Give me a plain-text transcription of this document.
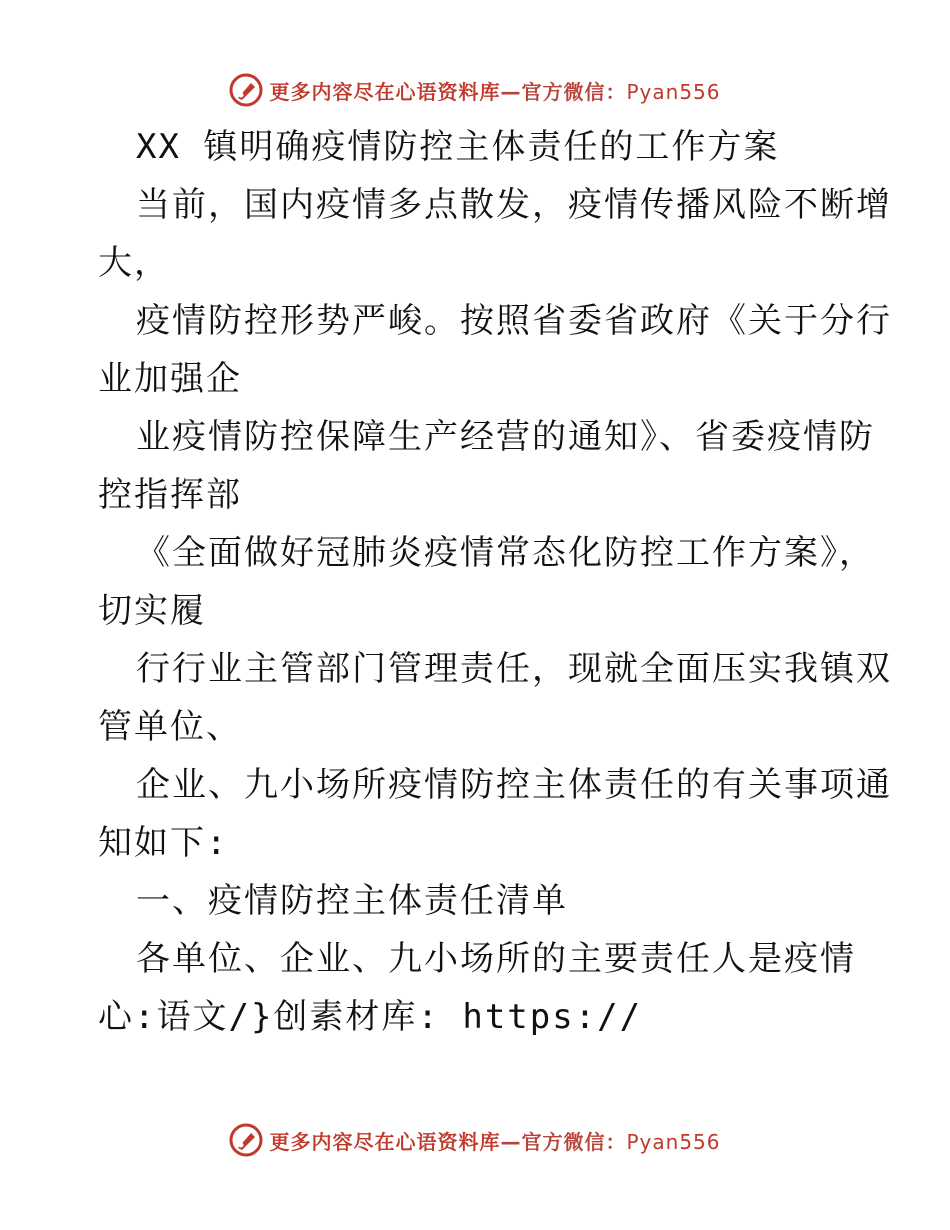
更多内容尽在心语资料库—官方微信：Pyan556
XX 镇明确疫情防控主体责任的工作方案
当前，国内疫情多点散发，疫情传播风险不断增
大，
疫情防控形势严峻。按照省委省政府《关于分行
业加强企
业疫情防控保障生产经营的通知》、省委疫情防
控指挥部
《全面做好冠肺炎疫情常态化防控工作方案》，
切实履
行行业主管部门管理责任，现就全面压实我镇双
管单位、
企业、九小场所疫情防控主体责任的有关事项通
知如下:
一、疫情防控主体责任清单
各单位、企业、九小场所的主要责任人是疫情
心:语文/}创素材库: https://
更多内容尽在心语资料库—官方微信：Pyan556
